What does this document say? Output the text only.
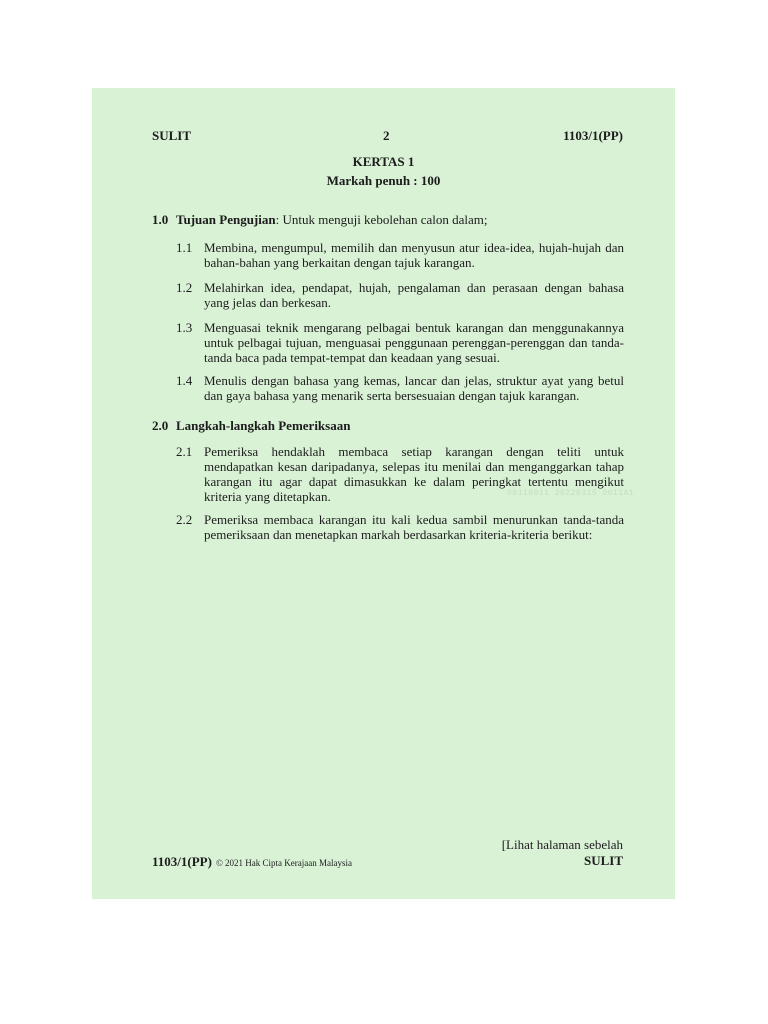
SULIT	2	1103/1(PP)
KERTAS 1
Markah penuh : 100
1.0 Tujuan Pengujian: Untuk menguji kebolehan calon dalam;
1.1 Membina, mengumpul, memilih dan menyusun atur idea-idea, hujah-hujah dan bahan-bahan yang berkaitan dengan tajuk karangan.
1.2 Melahirkan idea, pendapat, hujah, pengalaman dan perasaan dengan bahasa yang jelas dan berkesan.
1.3 Menguasai teknik mengarang pelbagai bentuk karangan dan menggunakannya untuk pelbagai tujuan, menguasai penggunaan perenggan-perenggan dan tanda-tanda baca pada tempat-tempat dan keadaan yang sesuai.
1.4 Menulis dengan bahasa yang kemas, lancar dan jelas, struktur ayat yang betul dan gaya bahasa yang menarik serta bersesuaian dengan tajuk karangan.
2.0 Langkah-langkah Pemeriksaan
2.1 Pemeriksa hendaklah membaca setiap karangan dengan teliti untuk mendapatkan kesan daripadanya, selepas itu menilai dan menganggarkan tahap karangan itu agar dapat dimasukkan ke dalam peringkat tertentu mengikut kriteria yang ditetapkan.	00110011 20220315 0611A1
2.2 Pemeriksa membaca karangan itu kali kedua sambil menurunkan tanda-tanda pemeriksaan dan menetapkan markah berdasarkan kriteria-kriteria berikut:
[Lihat halaman sebelah
1103/1(PP) © 2021 Hak Cipta Kerajaan Malaysia	SULIT
